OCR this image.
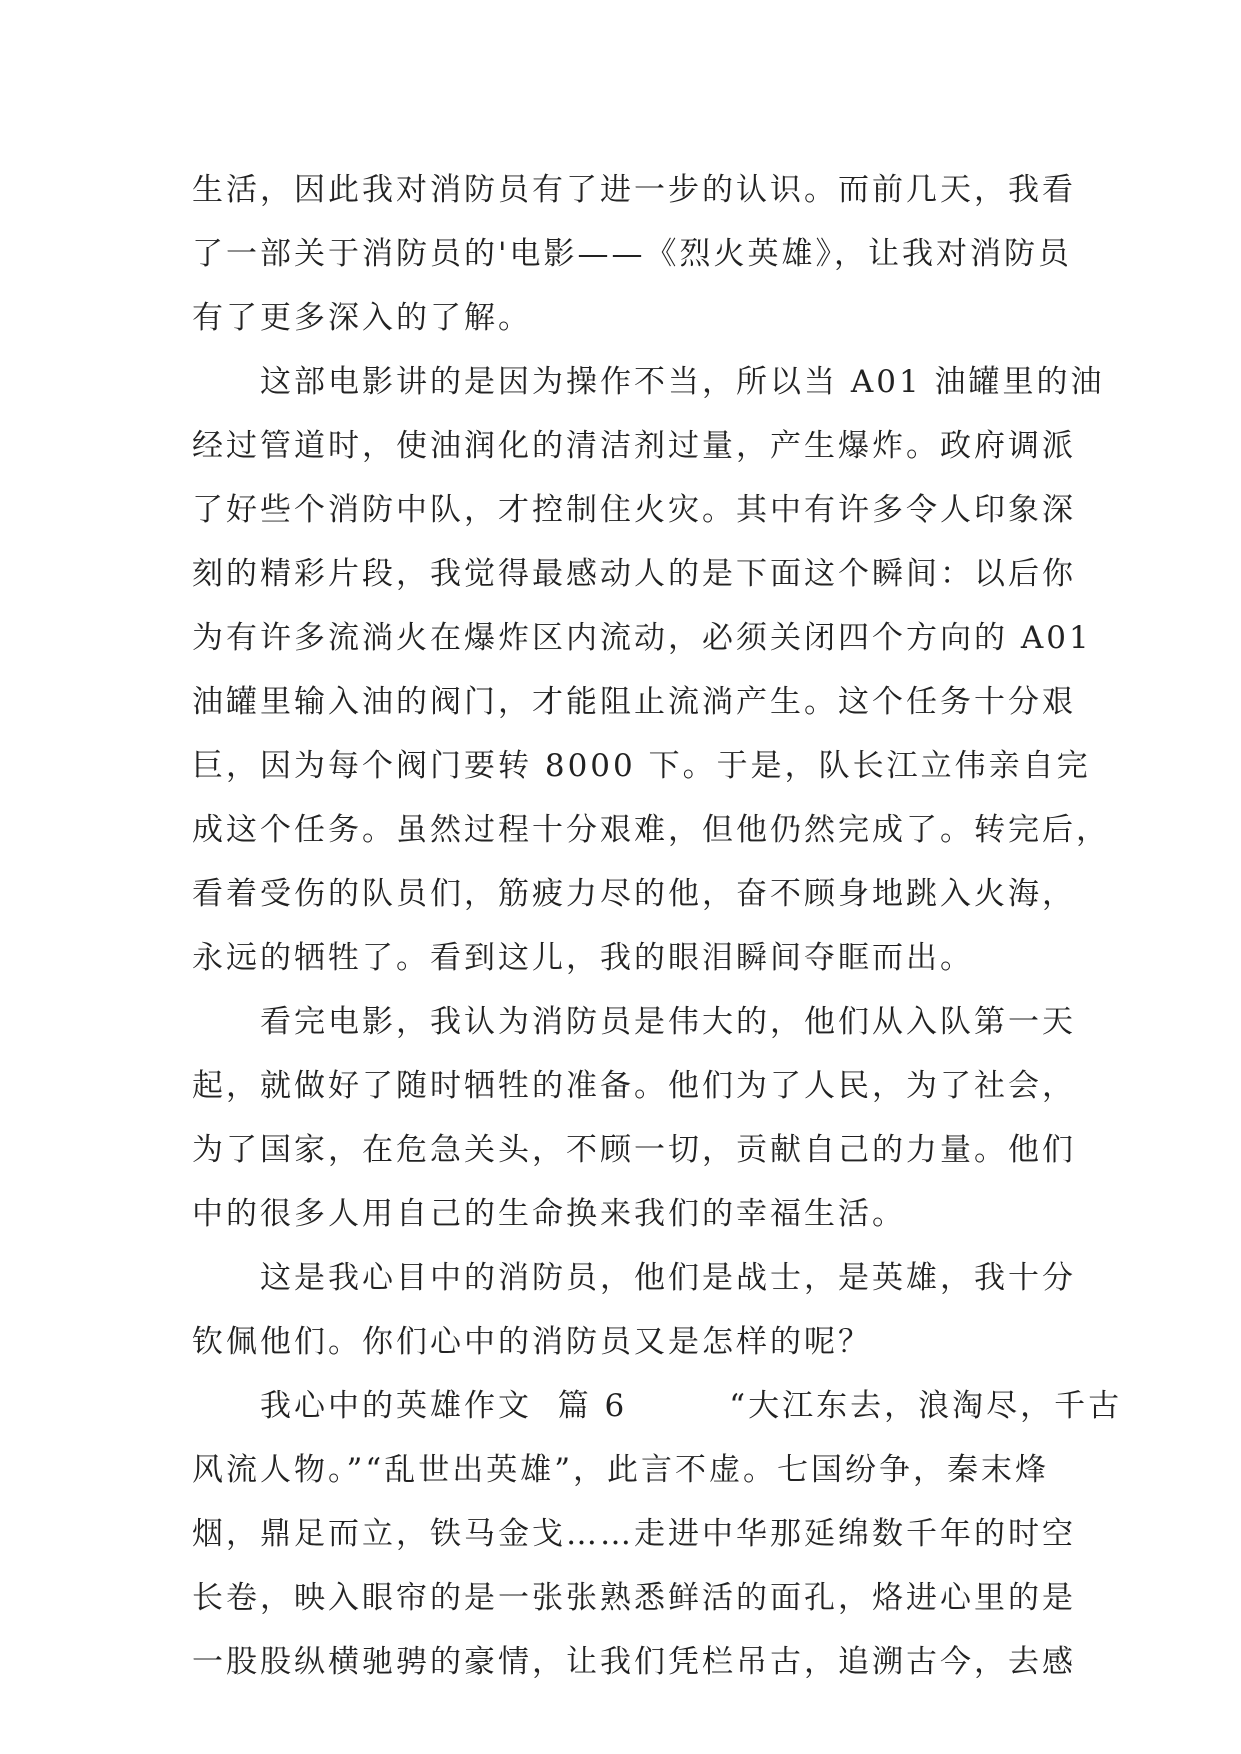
生活，因此我对消防员有了进一步的认识。而前几天，我看
了一部关于消防员的'电影——《烈火英雄》，让我对消防员
有了更多深入的了解。
　　这部电影讲的是因为操作不当，所以当 A01 油罐里的油
经过管道时，使油润化的清洁剂过量，产生爆炸。政府调派
了好些个消防中队，才控制住火灾。其中有许多令人印象深
刻的精彩片段，我觉得最感动人的是下面这个瞬间：以后你
为有许多流淌火在爆炸区内流动，必须关闭四个方向的 A01
油罐里输入油的阀门，才能阻止流淌产生。这个任务十分艰
巨，因为每个阀门要转 8000 下。于是，队长江立伟亲自完
成这个任务。虽然过程十分艰难，但他仍然完成了。转完后，
看着受伤的队员们，筋疲力尽的他，奋不顾身地跳入火海，
永远的牺牲了。看到这儿，我的眼泪瞬间夺眶而出。
　　看完电影，我认为消防员是伟大的，他们从入队第一天
起，就做好了随时牺牲的准备。他们为了人民，为了社会，
为了国家，在危急关头，不顾一切，贡献自己的力量。他们
中的很多人用自己的生命换来我们的幸福生活。
　　这是我心目中的消防员，他们是战士，是英雄，我十分
钦佩他们。你们心中的消防员又是怎样的呢？
　　我心中的英雄作文  篇 6　　　“大江东去，浪淘尽，千古
风流人物。”“乱世出英雄”，此言不虚。七国纷争，秦末烽
烟，鼎足而立，铁马金戈……走进中华那延绵数千年的时空
长卷，映入眼帘的是一张张熟悉鲜活的面孔，烙进心里的是
一股股纵横驰骋的豪情，让我们凭栏吊古，追溯古今，去感
